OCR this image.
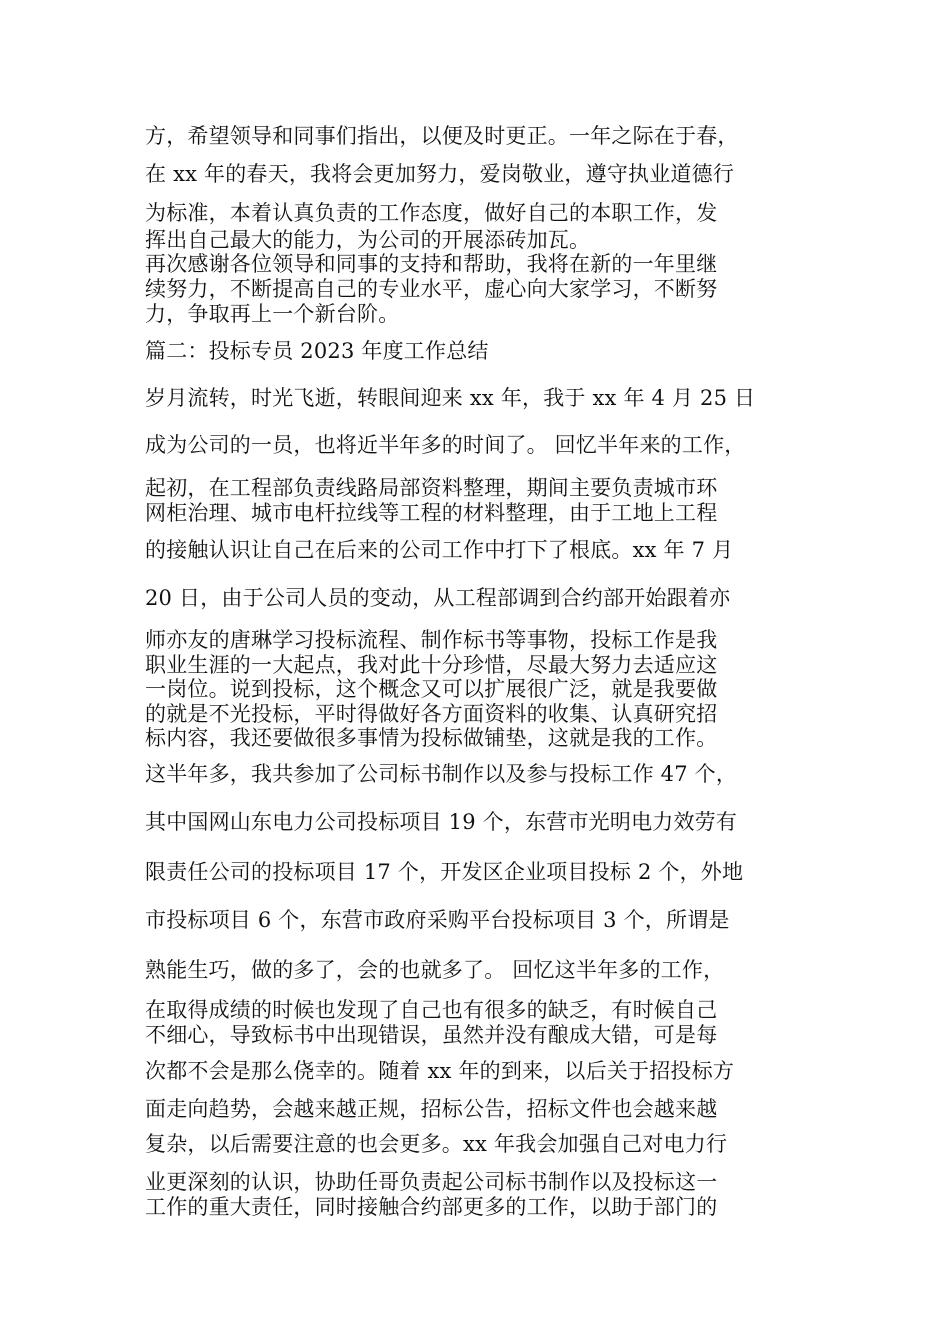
方，希望领导和同事们指出，以便及时更正。一年之际在于春，
在 xx 年的春天，我将会更加努力，爱岗敬业，遵守执业道德行
为标准，本着认真负责的工作态度，做好自己的本职工作，发
挥出自己最大的能力，为公司的开展添砖加瓦。
再次感谢各位领导和同事的支持和帮助，我将在新的一年里继
续努力，不断提高自己的专业水平，虚心向大家学习，不断努
力，争取再上一个新台阶。
篇二：投标专员 2023 年度工作总结
岁月流转，时光飞逝，转眼间迎来 xx 年，我于 xx 年 4 月 25 日
成为公司的一员，也将近半年多的时间了。 回忆半年来的工作，
起初，在工程部负责线路局部资料整理，期间主要负责城市环
网柜治理、城市电杆拉线等工程的材料整理，由于工地上工程
的接触认识让自己在后来的公司工作中打下了根底。xx 年 7 月
20 日，由于公司人员的变动，从工程部调到合约部开始跟着亦
师亦友的唐琳学习投标流程、制作标书等事物，投标工作是我
职业生涯的一大起点，我对此十分珍惜，尽最大努力去适应这
一岗位。说到投标，这个概念又可以扩展很广泛，就是我要做
的就是不光投标，平时得做好各方面资料的收集、认真研究招
标内容，我还要做很多事情为投标做铺垫，这就是我的工作。
这半年多，我共参加了公司标书制作以及参与投标工作 47 个，
其中国网山东电力公司投标项目 19 个，东营市光明电力效劳有
限责任公司的投标项目 17 个，开发区企业项目投标 2 个，外地
市投标项目 6 个，东营市政府采购平台投标项目 3 个，所谓是
熟能生巧，做的多了，会的也就多了。 回忆这半年多的工作，
在取得成绩的时候也发现了自己也有很多的缺乏，有时候自己
不细心，导致标书中出现错误，虽然并没有酿成大错，可是每
次都不会是那么侥幸的。随着 xx 年的到来，以后关于招投标方
面走向趋势，会越来越正规，招标公告，招标文件也会越来越
复杂，以后需要注意的也会更多。xx 年我会加强自己对电力行
业更深刻的认识，协助任哥负责起公司标书制作以及投标这一
工作的重大责任，同时接触合约部更多的工作，以助于部门的
